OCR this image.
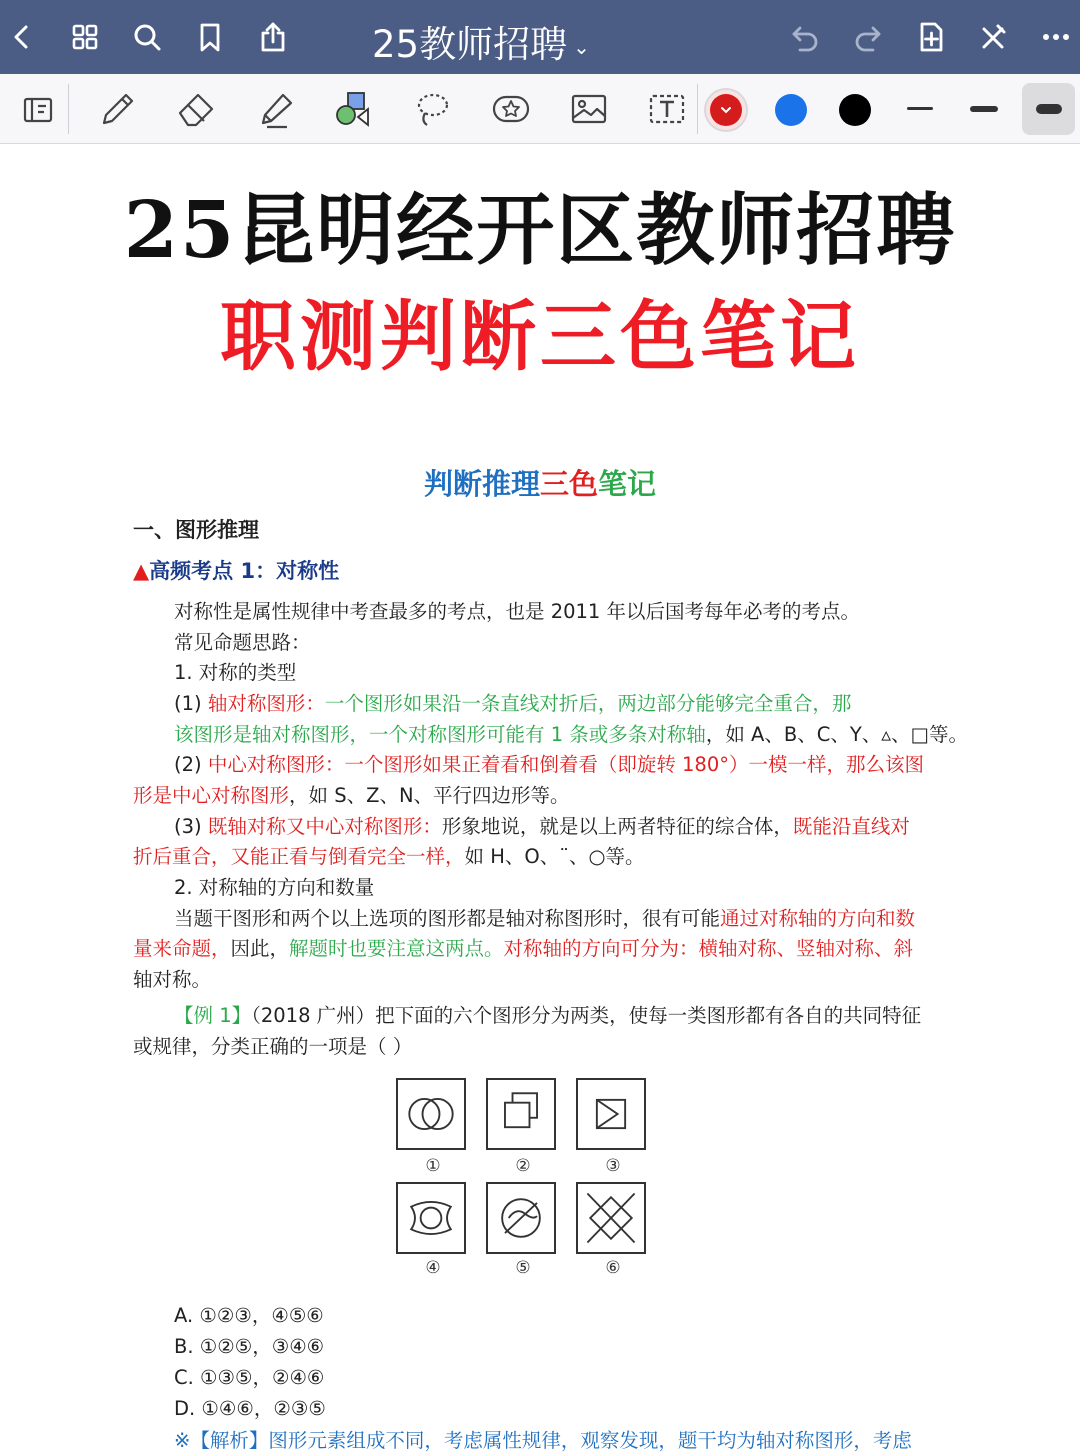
25教师招聘 ⌄
25昆明经开区教师招聘
职测判断三色笔记
判断推理三色笔记
一、图形推理
▲高频考点 1：对称性
对称性是属性规律中考查最多的考点，也是 2011 年以后国考每年必考的考点。
常见命题思路：
1. 对称的类型
(1) 轴对称图形：一个图形如果沿一条直线对折后，两边部分能够完全重合，那
该图形是轴对称图形，一个对称图形可能有 1 条或多条对称轴，如 A、B、C、Y、▵、□等。
(2) 中心对称图形：一个图形如果正着看和倒着看（即旋转 180°）一模一样，那么该图
形是中心对称图形，如 S、Z、N、平行四边形等。
(3) 既轴对称又中心对称图形：形象地说，就是以上两者特征的综合体，既能沿直线对
折后重合，又能正看与倒看完全一样，如 H、O、¨、○等。
2. 对称轴的方向和数量
当题干图形和两个以上选项的图形都是轴对称图形时，很有可能通过对称轴的方向和数
量来命题，因此，解题时也要注意这两点。对称轴的方向可分为：横轴对称、竖轴对称、斜
轴对称。
【例 1】（2018 广州）把下面的六个图形分为两类，使每一类图形都有各自的共同特征
或规律，分类正确的一项是（ ）
①	②	③
④	⑤	⑥
A. ①②③，④⑤⑥
B. ①②⑤，③④⑥
C. ①③⑤，②④⑥
D. ①④⑥，②③⑤
※【解析】图形元素组成不同，考虑属性规律，观察发现，题干均为轴对称图形，考虑
